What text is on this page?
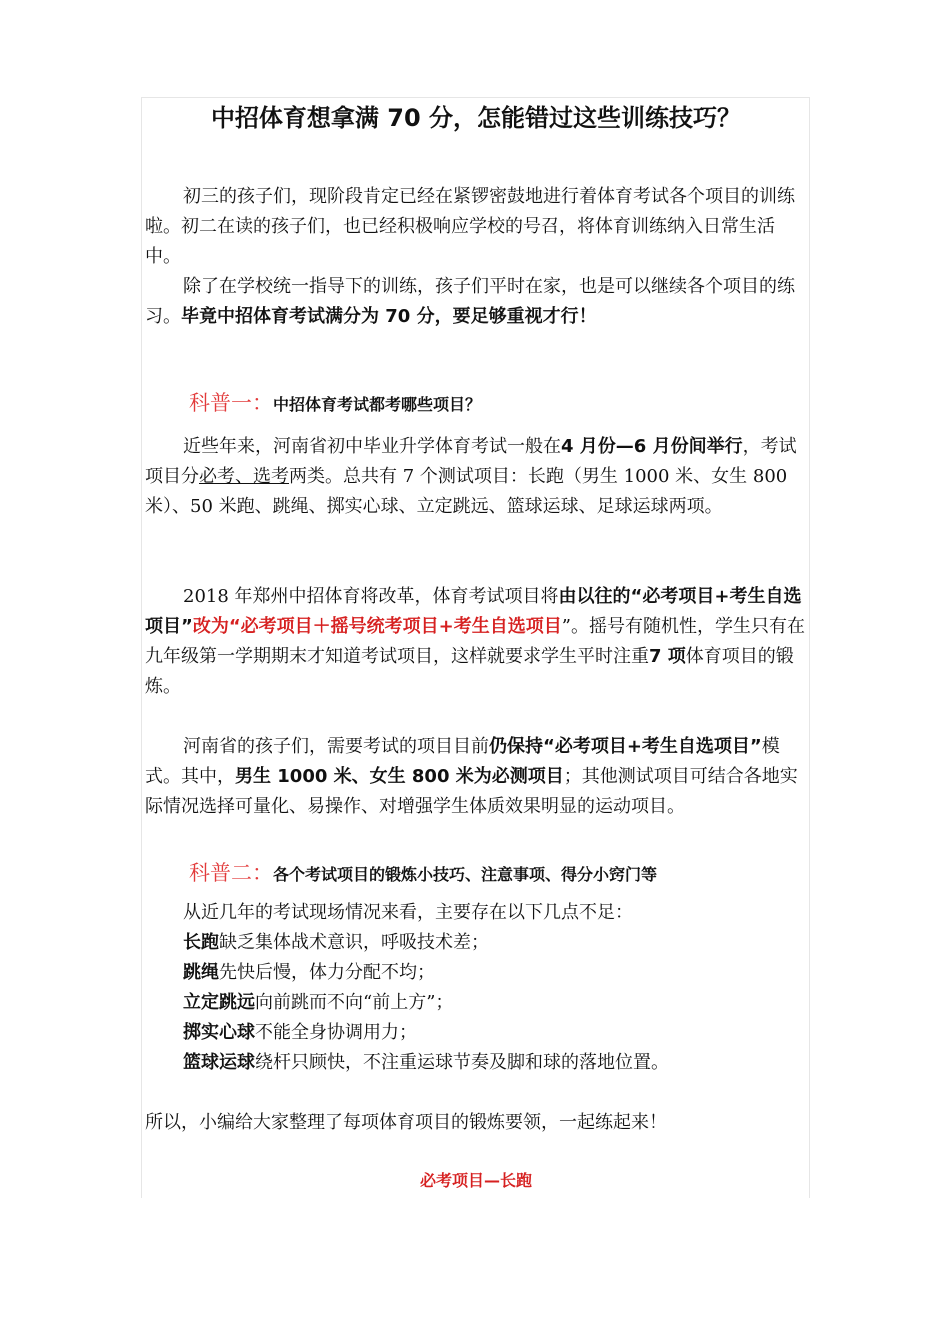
中招体育想拿满 70 分，怎能错过这些训练技巧？

初三的孩子们，现阶段肯定已经在紧锣密鼓地进行着体育考试各个项目的训练啦。初二在读的孩子们，也已经积极响应学校的号召，将体育训练纳入日常生活中。

除了在学校统一指导下的训练，孩子们平时在家，也是可以继续各个项目的练习。毕竟中招体育考试满分为 70 分，要足够重视才行！

科普一：中招体育考试都考哪些项目？

近些年来，河南省初中毕业升学体育考试一般在4 月份—6 月份间举行，考试项目分必考、选考两类。总共有 7 个测试项目：长跑（男生 1000 米、女生 800 米）、50 米跑、跳绳、掷实心球、立定跳远、篮球运球、足球运球两项。

2018 年郑州中招体育将改革，体育考试项目将由以往的“必考项目+考生自选项目”改为“必考项目＋摇号统考项目+考生自选项目”。摇号有随机性，学生只有在九年级第一学期期末才知道考试项目，这样就要求学生平时注重7 项体育项目的锻炼。

河南省的孩子们，需要考试的项目目前仍保持“必考项目+考生自选项目”模式。其中，男生 1000 米、女生 800 米为必测项目；其他测试项目可结合各地实际情况选择可量化、易操作、对增强学生体质效果明显的运动项目。

科普二：各个考试项目的锻炼小技巧、注意事项、得分小窍门等

从近几年的考试现场情况来看，主要存在以下几点不足：

长跑缺乏集体战术意识，呼吸技术差；

跳绳先快后慢，体力分配不均；

立定跳远向前跳而不向“前上方”；

掷实心球不能全身协调用力；

篮球运球绕杆只顾快，不注重运球节奏及脚和球的落地位置。

所以，小编给大家整理了每项体育项目的锻炼要领，一起练起来！

必考项目—长跑
